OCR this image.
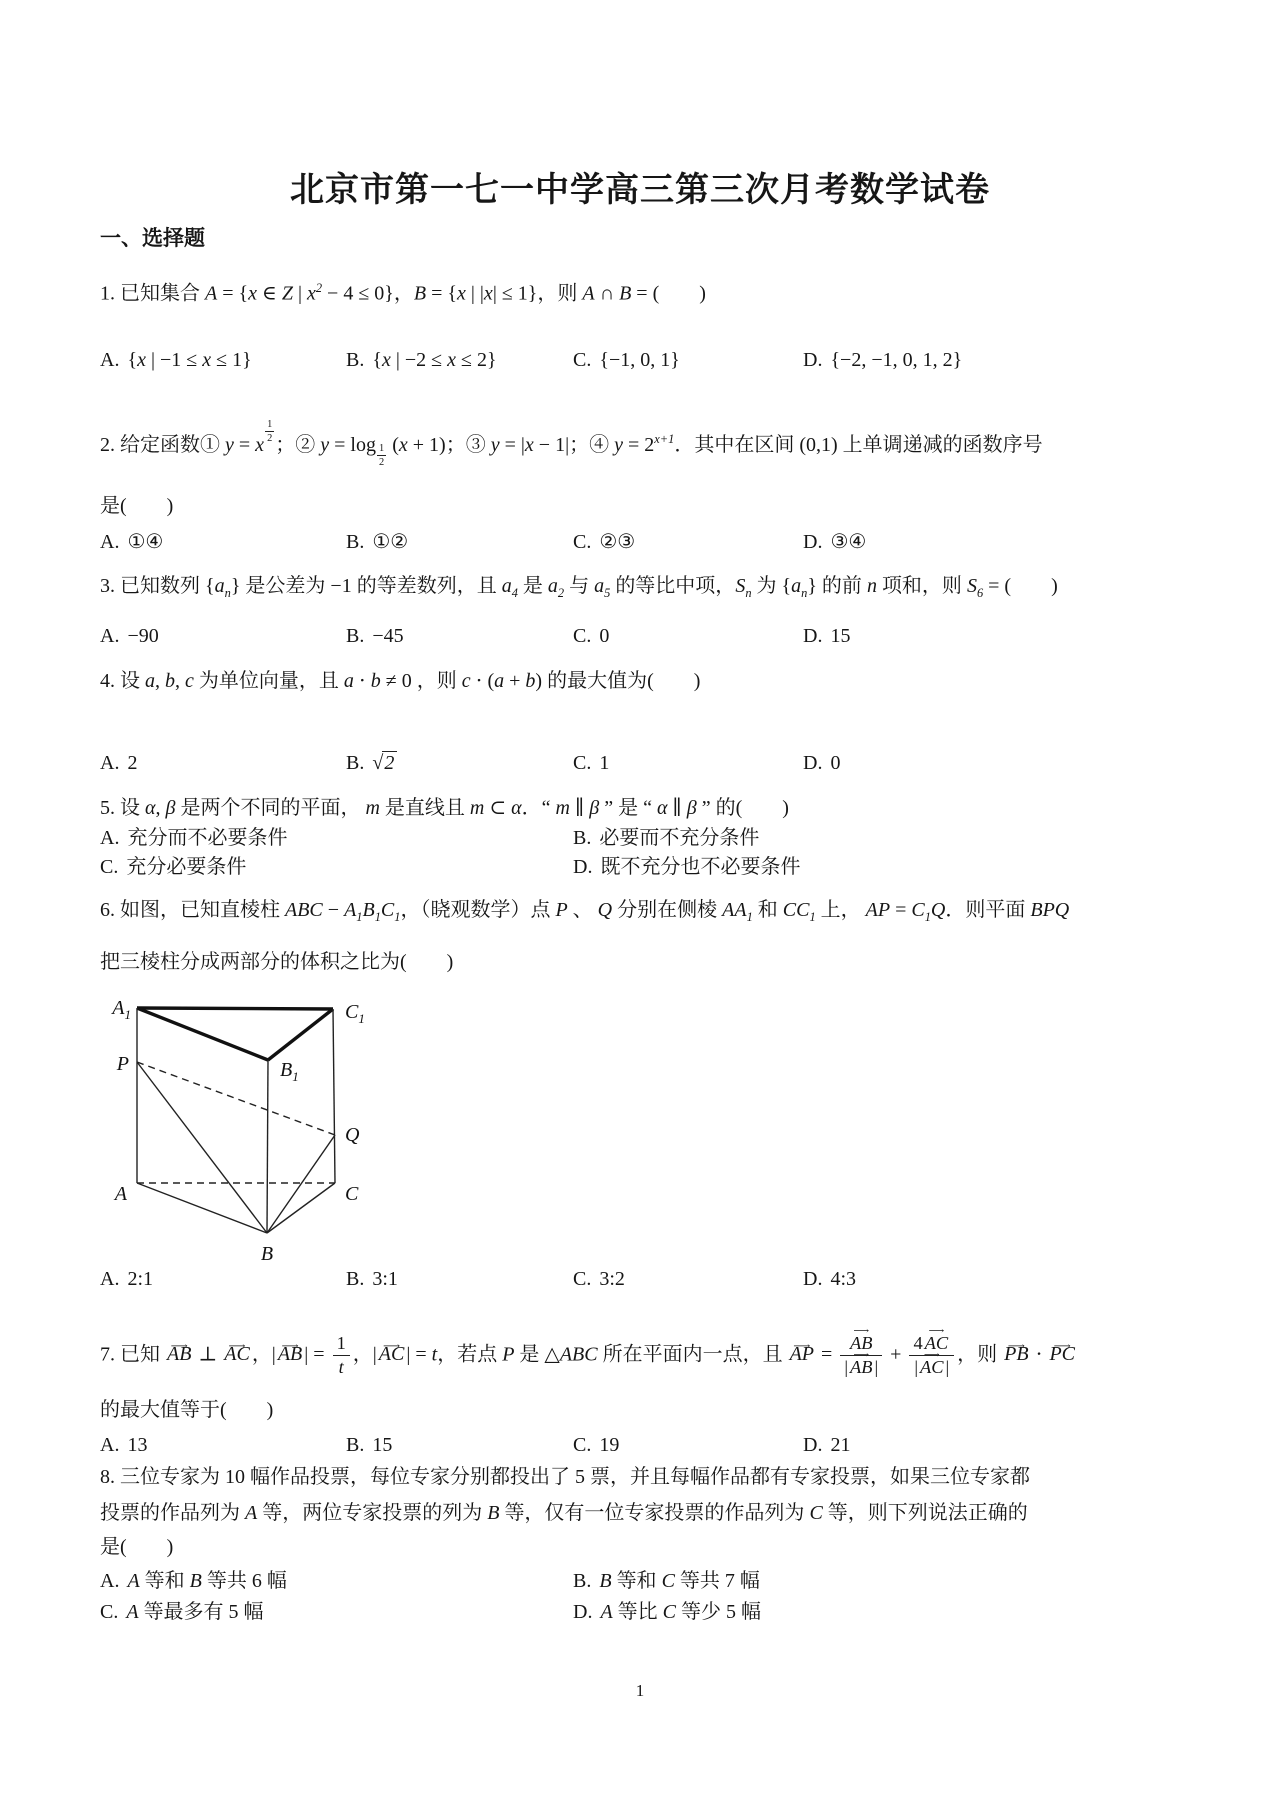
北京市第一七一中学高三第三次月考数学试卷
一、选择题
1. 已知集合 A = {x ∈ Z | $x^2 - 4 \le 0$}，B = {x | |x| ≤ 1}，则 A ∩ B = (　　)
A. {x | −1 ≤ x ≤ 1}	B. {x | −2 ≤ x ≤ 2}	C. {−1, 0, 1}	D. {−2, −1, 0, 1, 2}
2. 给定函数① y = x $\frac{1}{2}$ ；② $y = \log \frac{1}{2} (x + 1)$；③ y = |x − 1|；④ $y = 2^{x+1}$．其中在区间 (0,1) 上单调递减的函数序号
是(　　)
A. ①④	B. ①②	C. ②③	D. ③④
3. 已知数列 $\{a_n\}$ 是公差为 −1 的等差数列，且 $a_4$ 是 $a_2$ 与 $a_5$ 的等比中项，$S_n$ 为 $\{a_n\}$ 的前 n 项和，则 $S_6$ = (　　)
A. −90	B. −45	C. 0	D. 15
4. 设 a, b, c 为单位向量，且 a ⋅ b ≠ 0 ，则 c ⋅ (a + b) 的最大值为(　　)
A. 2	B. √2	C. 1	D. 0
5. 设 α, β 是两个不同的平面， m 是直线且 m ⊂ α．“ m ∥ β ” 是 “ α ∥ β ” 的(　　)
A. 充分而不必要条件	B. 必要而不充分条件
C. 充分必要条件	D. 既不充分也不必要条件
6. 如图，已知直棱柱 ABC − $A_1B_1C_1$，（晓观数学）点 P 、 Q 分别在侧棱 $AA_1$ 和 $CC_1$ 上， AP = $C_1Q$．则平面 BPQ
把三棱柱分成两部分的体积之比为(　　)
A. 2:1	B. 3:1	C. 3:2	D. 4:3
7. 已知 ⟶ AB ⊥ ⟶ AC ，| ⟶ AB | = $\frac{1}{t}$ ，| ⟶ AC | = t，若点 P 是 △ABC 所在平面内一点，且 ⟶ AP = ⟶ $\frac{AB}{| ⟶ AB |} + \frac{4 ⟶ AC}{| ⟶ AC |}$ ，则 ⟶ PB ⋅ ⟶ PC
的最大值等于(　　)
A. 13	B. 15	C. 19	D. 21
8. 三位专家为 10 幅作品投票，每位专家分别都投出了 5 票，并且每幅作品都有专家投票，如果三位专家都
投票的作品列为 A 等，两位专家投票的列为 B 等，仅有一位专家投票的作品列为 C 等，则下列说法正确的
是(　　)
A. A 等和 B 等共 6 幅	B. B 等和 C 等共 7 幅
C. A 等最多有 5 幅	D. A 等比 C 等少 5 幅
$A_1$	$C_1$
$B_1$
P
Q
A	C
B
1
